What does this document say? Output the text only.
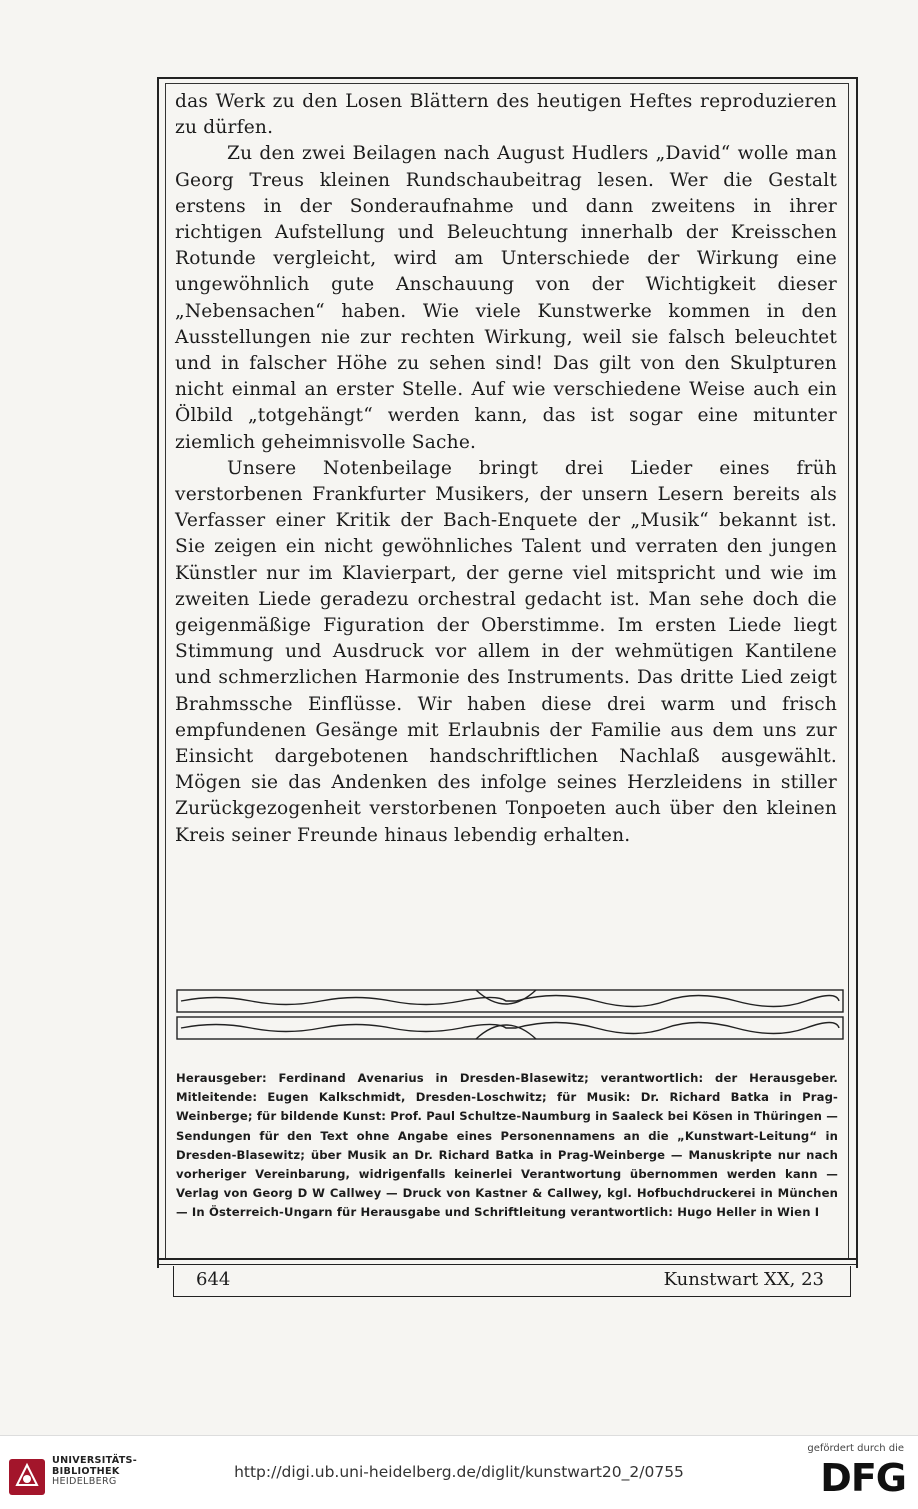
das Werk zu den Losen Blättern des heutigen Heftes reproduzieren zu dürfen.

Zu den zwei Beilagen nach August Hudlers „David“ wolle man Georg Treus kleinen Rundschaubeitrag lesen. Wer die Gestalt erstens in der Sonderaufnahme und dann zweitens in ihrer richtigen Aufstellung und Beleuchtung innerhalb der Kreisschen Rotunde vergleicht, wird am Unterschiede der Wirkung eine ungewöhnlich gute Anschauung von der Wichtigkeit dieser „Nebensachen“ haben. Wie viele Kunstwerke kommen in den Ausstellungen nie zur rechten Wirkung, weil sie falsch beleuchtet und in falscher Höhe zu sehen sind! Das gilt von den Skulpturen nicht einmal an erster Stelle. Auf wie verschiedene Weise auch ein Ölbild „totgehängt“ werden kann, das ist sogar eine mitunter ziemlich geheimnisvolle Sache.

Unsere Notenbeilage bringt drei Lieder eines früh verstorbenen Frankfurter Musikers, der unsern Lesern bereits als Verfasser einer Kritik der Bach-Enquete der „Musik“ bekannt ist. Sie zeigen ein nicht gewöhnliches Talent und verraten den jungen Künstler nur im Klavierpart, der gerne viel mitspricht und wie im zweiten Liede geradezu orchestral gedacht ist. Man sehe doch die geigenmäßige Figuration der Oberstimme. Im ersten Liede liegt Stimmung und Ausdruck vor allem in der wehmütigen Kantilene und schmerzlichen Harmonie des Instruments. Das dritte Lied zeigt Brahmssche Einflüsse. Wir haben diese drei warm und frisch empfundenen Gesänge mit Erlaubnis der Familie aus dem uns zur Einsicht dargebotenen handschriftlichen Nachlaß ausgewählt. Mögen sie das Andenken des infolge seines Herzleidens in stiller Zurückgezogenheit verstorbenen Tonpoeten auch über den kleinen Kreis seiner Freunde hinaus lebendig erhalten.

Herausgeber: Ferdinand Avenarius in Dresden-Blasewitz; verantwortlich: der Herausgeber. Mitleitende: Eugen Kalkschmidt, Dresden-Loschwitz; für Musik: Dr. Richard Batka in Prag-Weinberge; für bildende Kunst: Prof. Paul Schultze-Naumburg in Saaleck bei Kösen in Thüringen — Sendungen für den Text ohne Angabe eines Personennamens an die „Kunstwart-Leitung“ in Dresden-Blasewitz; über Musik an Dr. Richard Batka in Prag-Weinberge — Manuskripte nur nach vorheriger Vereinbarung, widrigenfalls keinerlei Verantwortung übernommen werden kann — Verlag von Georg D W Callwey — Druck von Kastner & Callwey, kgl. Hofbuchdruckerei in München — In Österreich-Ungarn für Herausgabe und Schriftleitung verantwortlich: Hugo Heller in Wien I
644	Kunstwart XX, 23
UNIVERSITÄTS-
BIBLIOTHEK
HEIDELBERG
http://digi.ub.uni-heidelberg.de/diglit/kunstwart20_2/0755
gefördert durch die
DFG
